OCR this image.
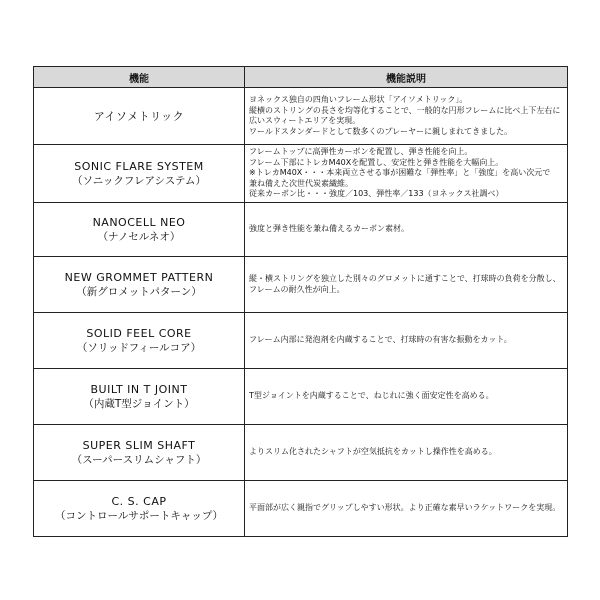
機能	機能説明

アイソメトリック	ヨネックス独自の四角いフレーム形状「アイソメトリック」。
縦横のストリングの長さを均等化することで、一般的な円形フレームに比べ上下左右に
広いスウィートエリアを実現。
ワールドスタンダードとして数多くのプレーヤーに親しまれてきました。

SONIC FLARE SYSTEM
（ソニックフレアシステム）	フレームトップに高弾性カーボンを配置し、弾き性能を向上。
フレーム下部にトレカM40Xを配置し、安定性と弾き性能を大幅向上。
※トレカM40X・・・本来両立させる事が困難な「弾性率」と「強度」を高い次元で
兼ね備えた次世代炭素繊維。
従来カーボン比・・・強度／103、弾性率／133（ヨネックス社調べ）

NANOCELL NEO
（ナノセルネオ）	強度と弾き性能を兼ね備えるカーボン素材。

NEW GROMMET PATTERN
（新グロメットパターン）	縦・横ストリングを独立した別々のグロメットに通すことで、打球時の負荷を分散し、
フレームの耐久性が向上。

SOLID FEEL CORE
（ソリッドフィールコア）	フレーム内部に発泡剤を内蔵することで、打球時の有害な振動をカット。

BUILT IN T JOINT
（内蔵T型ジョイント）	T型ジョイントを内蔵することで、ねじれに強く面安定性を高める。

SUPER SLIM SHAFT
（スーパースリムシャフト）	よりスリム化されたシャフトが空気抵抗をカットし操作性を高める。

C. S. CAP
（コントロールサポートキャップ）	平面部が広く親指でグリップしやすい形状。より正確な素早いラケットワークを実現。
